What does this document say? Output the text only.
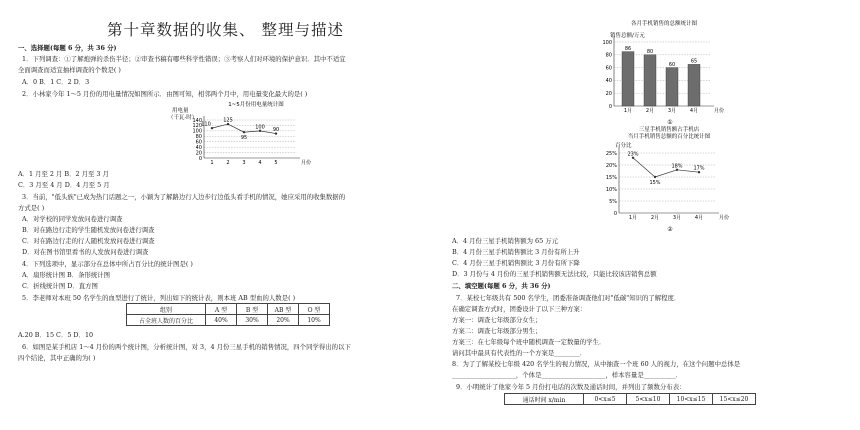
第十章数据的收集、 整理与描述
一、选择题(每题 6 分，共 36 分)
1．下列调查：①了解炮弹的杀伤半径；②审查书稿有哪些科学性错误；③考察人们对环境的保护意识．其中不适宜
全面调查而适宜抽样调查的个数是( )
A．0 B．1 C．2 D．3
2．小林家今年 1～5 月份的用电量情况如图所示．由图可知，相邻两个月中，用电量变化最大的是( )
1~5月份用电量统计图
用电量
（千瓦·时）
140
120
100
80
60
40
20
0
月份
110
1
125
2
95
3
100
4
90
5
A．1 月至 2 月 B．2 月至 3 月
C．3 月至 4 月 D．4 月至 5 月
3．当前，"低头族"已成为热门话题之一，小颖为了解路边行人边步行边低头看手机的情况，她应采用的收集数据的
方式是( )
A．对学校的同学发放问卷进行调查
B．对在路边行走的学生随机发放问卷进行调查
C．对在路边行走的行人随机发放问卷进行调查
D．对在图书馆里看书的人发放问卷进行调查
4．下列选项中，显示部分在总体中所占百分比的统计图是( )
A．扇形统计图 B．条形统计图
C．折线统计图 D．直方图
5．李老师对本班 50 名学生的血型进行了统计，列出如下的统计表，则本班 AB 型血的人数是( )
组别	A 型	B 型	AB 型	O 型
占全班人数的百分比	40%	30%	20%	10%
A.20 B．15 C．5 D．10
6．如图是某手机店 1～4 月份的两个统计图，分析统计图，对 3，4 月份三星手机的销售情况，四个同学得出的以下
四个结论，其中正确的为( )
各月手机销售的总额统计图
销售总额/万元
100
80
60
40
20
0
月份
86
1月
80
2月
60
3月
65
4月
①
三星手机销售额占手机店
当月手机销售总额的百分比统计图
百分比
25%
20%
15%
10%
5%
0
月份
23%
1月
15%
2月
18%
3月
17%
4月
②
A．4 月份三星手机销售额为 65 万元
B．4 月份三星手机销售额比 3 月份有所上升
C．4 月份三星手机销售额比 3 月份有所下降
D．3 月份与 4 月份的三星手机销售额无法比较，只能比较该店销售总额
二、填空题(每题 6 分，共 36 分)
7．某校七年级共有 500 名学生，团委准备调查他们对"低碳"知识的了解程度．
在确定调查方式时，团委设计了以下三种方案：
方案一：调查七年级部分女生；
方案二：调查七年级部分男生；
方案三：在七年级每个班中随机调查一定数量的学生．
请问其中最具有代表性的一个方案是________．
8．为了了解某校七年级 420 名学生的视力情况，从中抽查一个班 60 人的视力，在这个问题中总体是
____________________，个体是____________________，样本容量是__________．
9．小明统计了他家今年 5 月份打电话的次数及通话时间，并列出了频数分布表：
通话时间 x/min	0<x≤5	5<x≤10	10<x≤15	15<x≤20
